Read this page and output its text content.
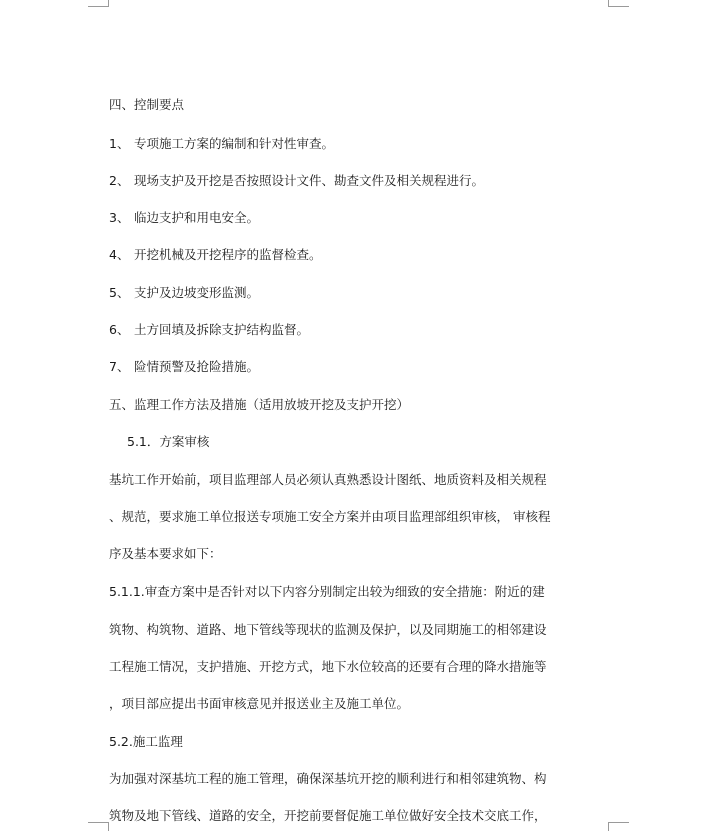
四、控制要点
1、 专项施工方案的编制和针对性审查。
2、 现场支护及开挖是否按照设计文件、勘查文件及相关规程进行。
3、 临边支护和用电安全。
4、 开挖机械及开挖程序的监督检查。
5、 支护及边坡变形监测。
6、 土方回填及拆除支护结构监督。
7、 险情预警及抢险措施。
五、监理工作方法及措施（适用放坡开挖及支护开挖）
5.1．方案审核
基坑工作开始前，项目监理部人员必须认真熟悉设计图纸、地质资料及相关规程
、规范，要求施工单位报送专项施工安全方案并由项目监理部组织审核， 审核程
序及基本要求如下：
5.1.1.审查方案中是否针对以下内容分别制定出较为细致的安全措施：附近的建
筑物、构筑物、道路、地下管线等现状的监测及保护，以及同期施工的相邻建设
工程施工情况，支护措施、开挖方式，地下水位较高的还要有合理的降水措施等
，项目部应提出书面审核意见并报送业主及施工单位。
5.2.施工监理
为加强对深基坑工程的施工管理，确保深基坑开挖的顺利进行和相邻建筑物、构
筑物及地下管线、道路的安全，开挖前要督促施工单位做好安全技术交底工作，
